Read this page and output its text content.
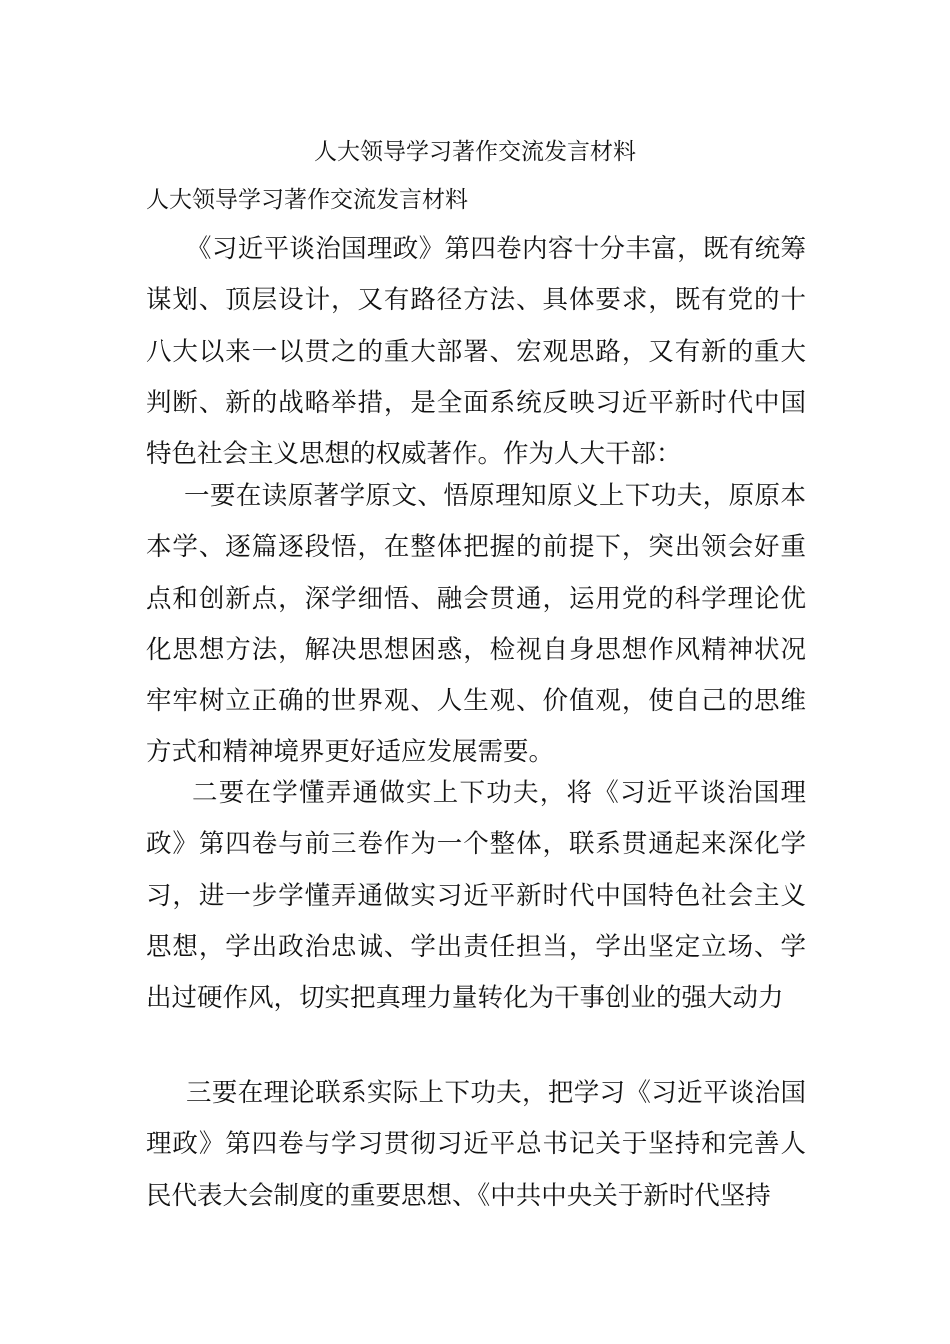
人大领导学习著作交流发言材料
人大领导学习著作交流发言材料

《习近平谈治国理政》第四卷内容十分丰富，既有统筹谋划、顶层设计，又有路径方法、具体要求，既有党的十八大以来一以贯之的重大部署、宏观思路，又有新的重大判断、新的战略举措，是全面系统反映习近平新时代中国特色社会主义思想的权威著作。作为人大干部：

一要在读原著学原文、悟原理知原义上下功夫，原原本本学、逐篇逐段悟，在整体把握的前提下，突出领会好重点和创新点，深学细悟、融会贯通，运用党的科学理论优化思想方法，解决思想困惑，检视自身思想作风精神状况牢牢树立正确的世界观、人生观、价值观，使自己的思维方式和精神境界更好适应发展需要。

二要在学懂弄通做实上下功夫，将《习近平谈治国理政》第四卷与前三卷作为一个整体，联系贯通起来深化学习，进一步学懂弄通做实习近平新时代中国特色社会主义思想，学出政治忠诚、学出责任担当，学出坚定立场、学出过硬作风，切实把真理力量转化为干事创业的强大动力

三要在理论联系实际上下功夫，把学习《习近平谈治国理政》第四卷与学习贯彻习近平总书记关于坚持和完善人民代表大会制度的重要思想、《中共中央关于新时代坚持
